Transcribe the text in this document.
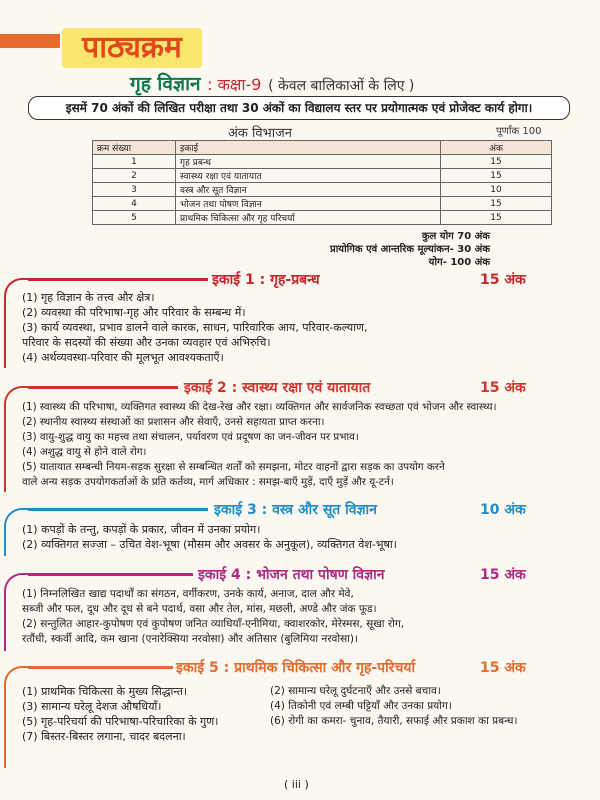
पाठ्यक्रम
गृह विज्ञान : कक्षा-9 ( केवल बालिकाओं के लिए )
इसमें 70 अंकों की लिखित परीक्षा तथा 30 अंकों का विद्यालय स्तर पर प्रयोगात्मक एवं प्रोजेक्ट कार्य होगा।
अंक विभाजन	पूर्णांक 100
क्रम संख्या	इकाई	अंक
1	गृह प्रबन्ध	15
2	स्वास्थ्य रक्षा एवं यातायात	15
3	वस्त्र और सूत विज्ञान	10
4	भोजन तथा पोषण विज्ञान	15
5	प्राथमिक चिकित्सा और गृह परिचर्या	15
कुल योग 70 अंक
प्रायोगिक एवं आन्तरिक मूल्यांकन- 30 अंक
योग- 100 अंक
इकाई 1 : गृह-प्रबन्ध	15 अंक
(1) गृह विज्ञान के तत्त्व और क्षेत्र।
(2) व्यवस्था की परिभाषा-गृह और परिवार के सम्बन्ध में।
(3) कार्य व्यवस्था, प्रभाव डालने वाले कारक, साधन, पारिवारिक आय, परिवार-कल्याण,
परिवार के सदस्यों की संख्या और उनका व्यवहार एवं अभिरुचि।
(4) अर्थव्यवस्था-परिवार की मूलभूत आवश्यकताएँ।
इकाई 2 : स्वास्थ्य रक्षा एवं यातायात	15 अंक
(1) स्वास्थ्य की परिभाषा, व्यक्तिगत स्वास्थ्य की देख-रेख और रक्षा। व्यक्तिगत और सार्वजनिक स्वच्छता एवं भोजन और स्वास्थ्य।
(2) स्थानीय स्वास्थ्य संस्थाओं का प्रशासन और सेवाएँ, उनसे सहायता प्राप्त करना।
(3) वायु-शुद्ध वायु का महत्त्व तथा संचालन, पर्यावरण एवं प्रदूषण का जन-जीवन पर प्रभाव।
(4) अशुद्ध वायु से होने वाले रोग।
(5) यातायात सम्बन्धी नियम-सड़क सुरक्षा से सम्बन्धित शर्तों को समझना, मोटर वाहनों द्वारा सड़क का उपयोग करने
वाले अन्य सड़क उपयोगकर्ताओं के प्रति कर्तव्य, मार्ग अधिकार : समझ-बाएँ मुड़ें, दाएँ मुड़ें और यू-टर्न।
इकाई 3 : वस्त्र और सूत विज्ञान	10 अंक
(1) कपड़ों के तन्तु, कपड़ों के प्रकार, जीवन में उनका प्रयोग।
(2) व्यक्तिगत सज्जा – उचित वेश-भूषा (मौसम और अवसर के अनुकूल), व्यक्तिगत वेश-भूषा।
इकाई 4 : भोजन तथा पोषण विज्ञान	15 अंक
(1) निम्नलिखित खाद्य पदार्थों का संगठन, वर्गीकरण, उनके कार्य, अनाज, दाल और मेवे,
सब्जी और फल, दूध और दूध से बने पदार्थ, वसा और तेल, मांस, मछली, अण्डे और जंक फूड।
(2) सन्तुलित आहार-कुपोषण एवं कुपोषण जनित व्याधियाँ-एनीमिया, क्वाशरकोर, मेरेस्मस, सूखा रोग,
रतौंधी, स्कर्वी आदि, कम खाना (एनारेक्सिया नरवोसा) और अतिसार (बुलिमिया नरवोसा)।
इकाई 5 : प्राथमिक चिकित्सा और गृह-परिचर्या	15 अंक
(1) प्राथमिक चिकित्सा के मुख्य सिद्धान्त।
(3) सामान्य घरेलू देशज औषधियाँ।
(5) गृह-परिचर्या की परिभाषा-परिचारिका के गुण।
(7) बिस्तर-बिस्तर लगाना, चादर बदलना।
(2) सामान्य घरेलू दुर्घटनाएँ और उनसे बचाव।
(4) तिकोनी एवं लम्बी पट्टियाँ और उनका प्रयोग।
(6) रोगी का कमरा- चुनाव, तैयारी, सफाई और प्रकाश का प्रबन्ध।
( iii )
